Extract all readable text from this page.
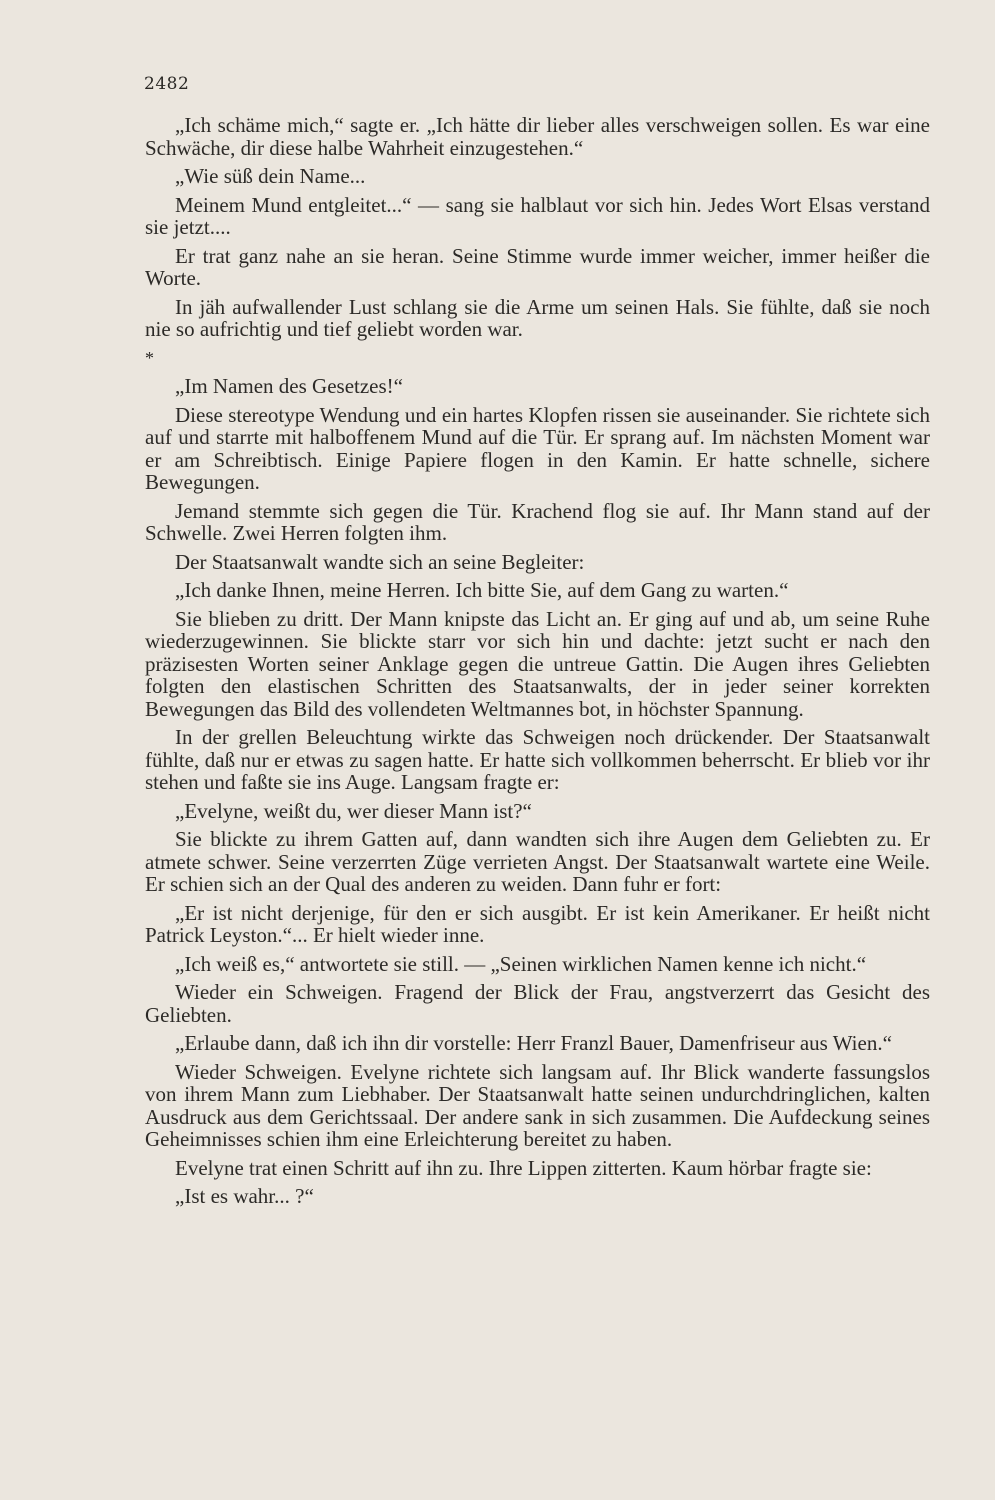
2482

„Ich schäme mich,“ sagte er. „Ich hätte dir lieber alles verschweigen sollen. Es war eine Schwäche, dir diese halbe Wahrheit einzugestehen.“

„Wie süß dein Name...

Meinem Mund entgleitet...“ — sang sie halblaut vor sich hin. Jedes Wort Elsas verstand sie jetzt....

Er trat ganz nahe an sie heran. Seine Stimme wurde immer weicher, immer heißer die Worte.

In jäh aufwallender Lust schlang sie die Arme um seinen Hals. Sie fühlte, daß sie noch nie so aufrichtig und tief geliebt worden war.

*

„Im Namen des Gesetzes!“

Diese stereotype Wendung und ein hartes Klopfen rissen sie auseinander. Sie richtete sich auf und starrte mit halboffenem Mund auf die Tür. Er sprang auf. Im nächsten Moment war er am Schreibtisch. Einige Papiere flogen in den Kamin. Er hatte schnelle, sichere Bewegungen.

Jemand stemmte sich gegen die Tür. Krachend flog sie auf. Ihr Mann stand auf der Schwelle. Zwei Herren folgten ihm.

Der Staatsanwalt wandte sich an seine Begleiter:

„Ich danke Ihnen, meine Herren. Ich bitte Sie, auf dem Gang zu warten.“

Sie blieben zu dritt. Der Mann knipste das Licht an. Er ging auf und ab, um seine Ruhe wiederzugewinnen. Sie blickte starr vor sich hin und dachte: jetzt sucht er nach den präzisesten Worten seiner Anklage gegen die untreue Gattin. Die Augen ihres Geliebten folgten den elastischen Schritten des Staatsanwalts, der in jeder seiner korrekten Bewegungen das Bild des vollendeten Weltmannes bot, in höchster Spannung.

In der grellen Beleuchtung wirkte das Schweigen noch drückender. Der Staatsanwalt fühlte, daß nur er etwas zu sagen hatte. Er hatte sich vollkommen beherrscht. Er blieb vor ihr stehen und faßte sie ins Auge. Langsam fragte er:

„Evelyne, weißt du, wer dieser Mann ist?“

Sie blickte zu ihrem Gatten auf, dann wandten sich ihre Augen dem Geliebten zu. Er atmete schwer. Seine verzerrten Züge verrieten Angst. Der Staatsanwalt wartete eine Weile. Er schien sich an der Qual des anderen zu weiden. Dann fuhr er fort:

„Er ist nicht derjenige, für den er sich ausgibt. Er ist kein Amerikaner. Er heißt nicht Patrick Leyston.“... Er hielt wieder inne.

„Ich weiß es,“ antwortete sie still. — „Seinen wirklichen Namen kenne ich nicht.“

Wieder ein Schweigen. Fragend der Blick der Frau, angstverzerrt das Gesicht des Geliebten.

„Erlaube dann, daß ich ihn dir vorstelle: Herr Franzl Bauer, Damenfriseur aus Wien.“

Wieder Schweigen. Evelyne richtete sich langsam auf. Ihr Blick wanderte fassungslos von ihrem Mann zum Liebhaber. Der Staatsanwalt hatte seinen undurchdringlichen, kalten Ausdruck aus dem Gerichtssaal. Der andere sank in sich zusammen. Die Aufdeckung seines Geheimnisses schien ihm eine Erleichterung bereitet zu haben.

Evelyne trat einen Schritt auf ihn zu. Ihre Lippen zitterten. Kaum hörbar fragte sie:

„Ist es wahr... ?“
